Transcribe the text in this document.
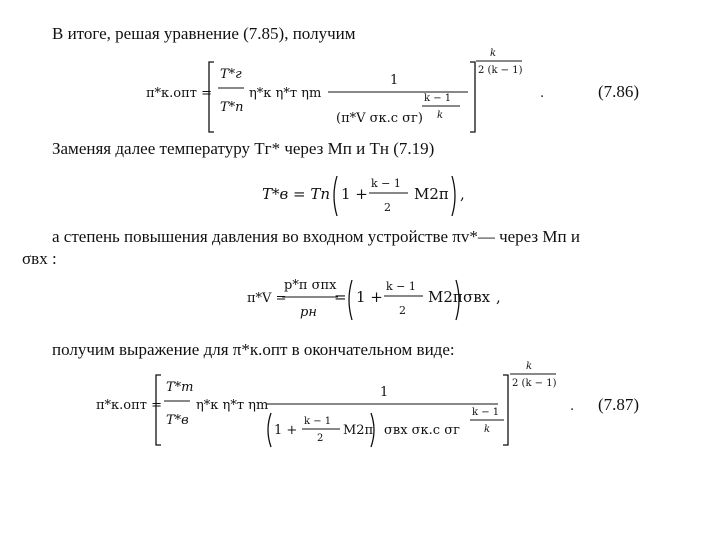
В итоге, решая уравнение (7.85), получим
Заменяя далее температуру Tг* через Мп и Tн (7.19)
а степень повышения давления во входном устройстве πv*— через Мп и
σвх :
получим выражение для π*к.опт в окончательном виде:
(7.86)
(7.87)
π*к.опт =
T*г
T*п
η*к η*т ηm
1
(π*V σк.с σг)
k − 1
k
k
2 (k − 1)
.
T*в = Tп 1 +
k − 1
2
M2п ,
π*V =
p*п σпх
pн
= 1 +
k − 1
2
M2п σвх ,
π*к.опт =
T*т
T*в
η*к η*т ηm
1
1 +
k − 1
2
M2п σвх σк.с σг
k − 1
k
k
2 (k − 1)
.
